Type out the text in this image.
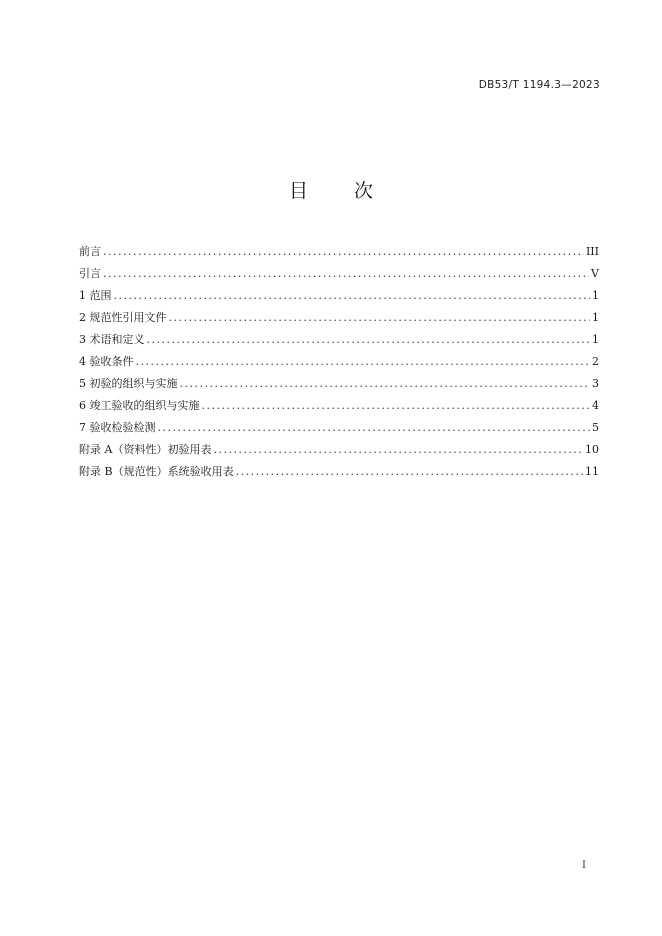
DB53/T 1194.3—2023
目 次
前言 .....	III
引言 .....	V
1 范围 .....	1
2 规范性引用文件 .....	1
3 术语和定义 .....	1
4 验收条件 .....	2
5 初验的组织与实施 .....	3
6 竣工验收的组织与实施 .....	4
7 验收检验检测 .....	5
附录 A（资料性）初验用表 .....	10
附录 B（规范性）系统验收用表 .....	11
I
